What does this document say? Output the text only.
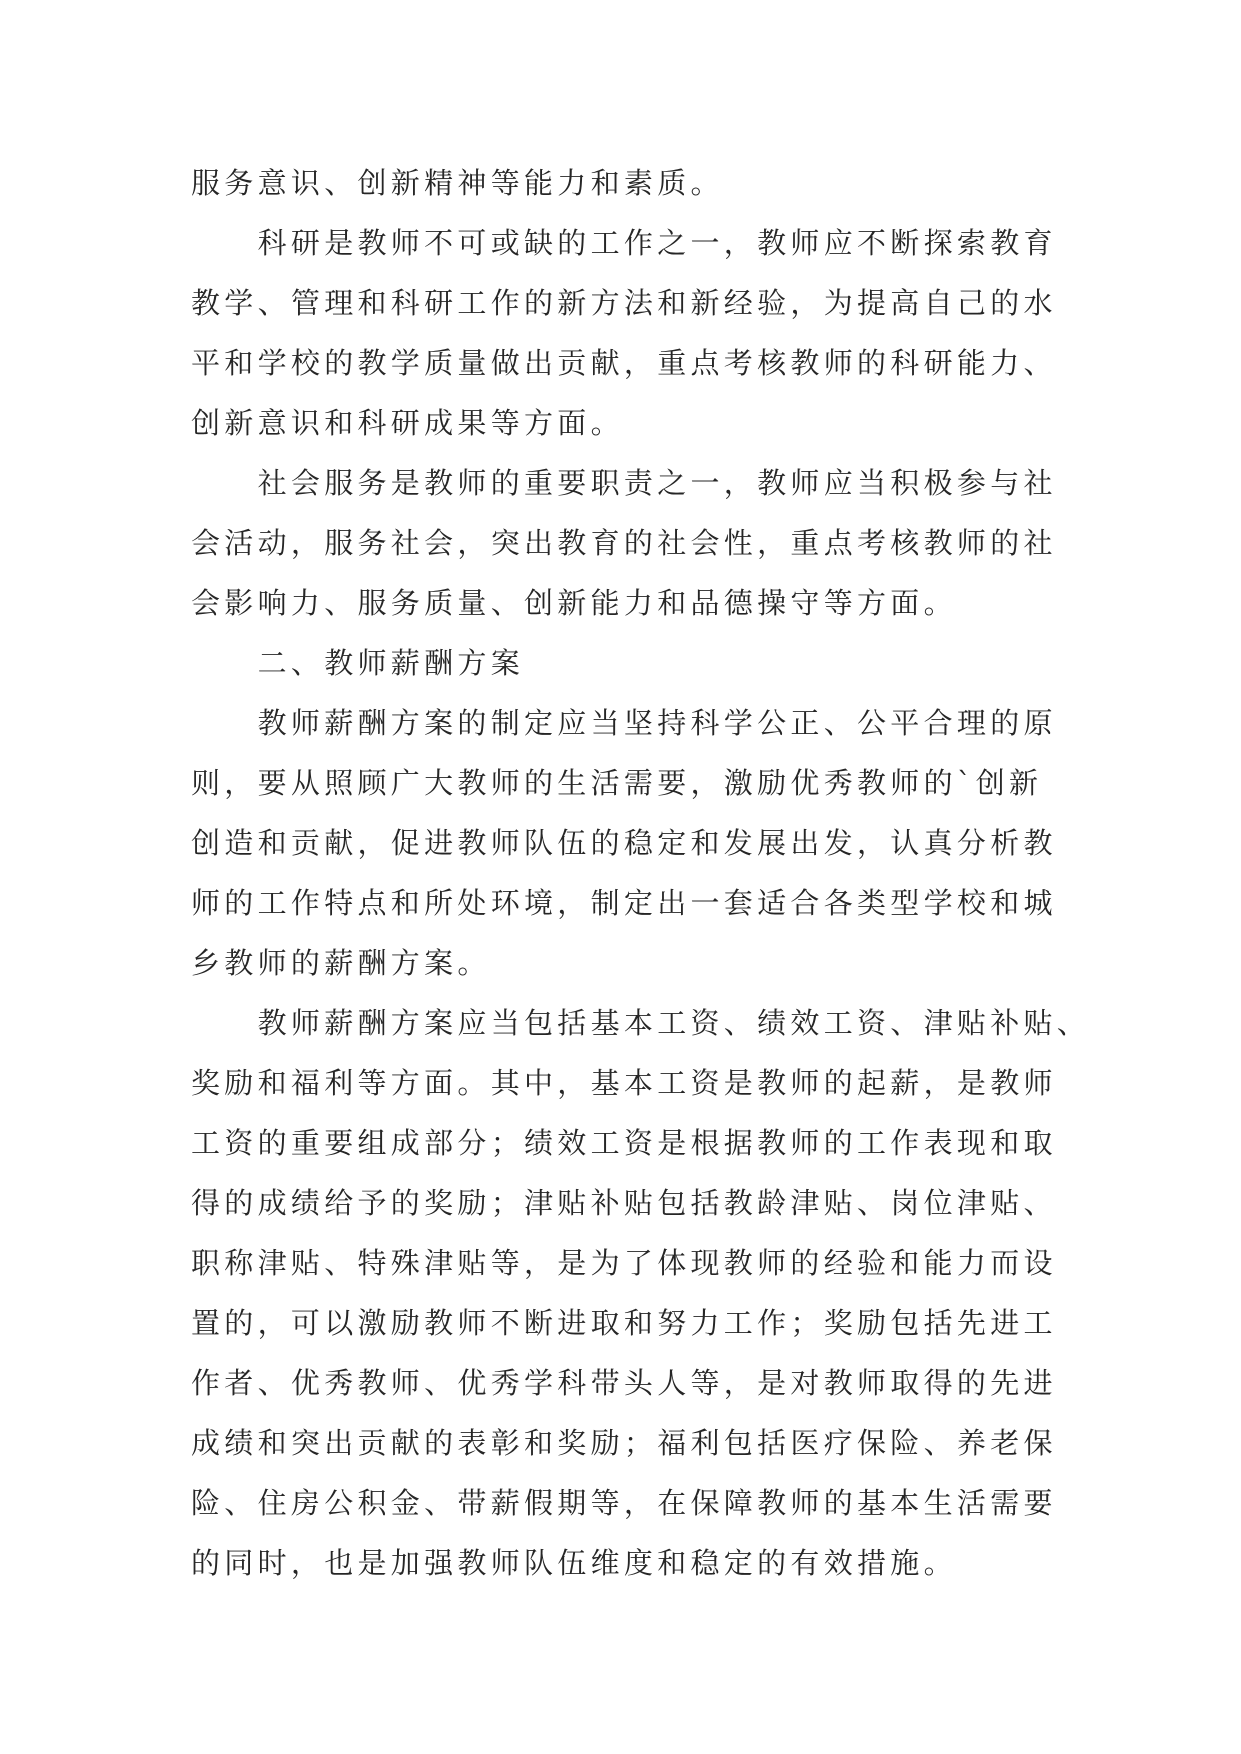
服务意识、创新精神等能力和素质。
科研是教师不可或缺的工作之一，教师应不断探索教育
教学、管理和科研工作的新方法和新经验，为提高自己的水
平和学校的教学质量做出贡献，重点考核教师的科研能力、
创新意识和科研成果等方面。
社会服务是教师的重要职责之一，教师应当积极参与社
会活动，服务社会，突出教育的社会性，重点考核教师的社
会影响力、服务质量、创新能力和品德操守等方面。
二、教师薪酬方案
教师薪酬方案的制定应当坚持科学公正、公平合理的原
则，要从照顾广大教师的生活需要，激励优秀教师的`创新
创造和贡献，促进教师队伍的稳定和发展出发，认真分析教
师的工作特点和所处环境，制定出一套适合各类型学校和城
乡教师的薪酬方案。
教师薪酬方案应当包括基本工资、绩效工资、津贴补贴、
奖励和福利等方面。其中，基本工资是教师的起薪，是教师
工资的重要组成部分；绩效工资是根据教师的工作表现和取
得的成绩给予的奖励；津贴补贴包括教龄津贴、岗位津贴、
职称津贴、特殊津贴等，是为了体现教师的经验和能力而设
置的，可以激励教师不断进取和努力工作；奖励包括先进工
作者、优秀教师、优秀学科带头人等，是对教师取得的先进
成绩和突出贡献的表彰和奖励；福利包括医疗保险、养老保
险、住房公积金、带薪假期等，在保障教师的基本生活需要
的同时，也是加强教师队伍维度和稳定的有效措施。
